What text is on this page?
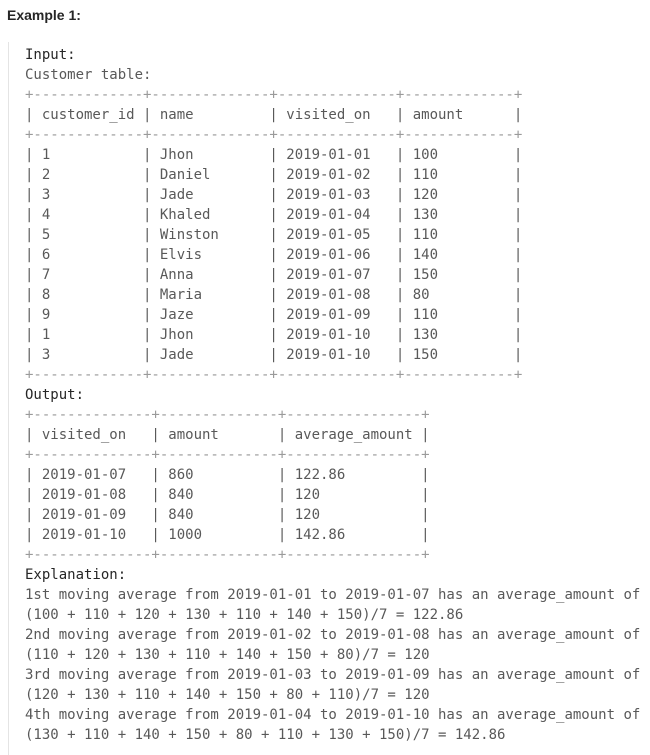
Example 1:
Input:
Customer table:
+-------------+--------------+--------------+-------------+
| customer_id | name         | visited_on   | amount      |
+-------------+--------------+--------------+-------------+
| 1           | Jhon         | 2019-01-01   | 100         |
| 2           | Daniel       | 2019-01-02   | 110         |
| 3           | Jade         | 2019-01-03   | 120         |
| 4           | Khaled       | 2019-01-04   | 130         |
| 5           | Winston      | 2019-01-05   | 110         |
| 6           | Elvis        | 2019-01-06   | 140         |
| 7           | Anna         | 2019-01-07   | 150         |
| 8           | Maria        | 2019-01-08   | 80          |
| 9           | Jaze         | 2019-01-09   | 110         |
| 1           | Jhon         | 2019-01-10   | 130         |
| 3           | Jade         | 2019-01-10   | 150         |
+-------------+--------------+--------------+-------------+
Output:
+--------------+--------------+----------------+
| visited_on   | amount       | average_amount |
+--------------+--------------+----------------+
| 2019-01-07   | 860          | 122.86         |
| 2019-01-08   | 840          | 120            |
| 2019-01-09   | 840          | 120            |
| 2019-01-10   | 1000         | 142.86         |
+--------------+--------------+----------------+
Explanation:
1st moving average from 2019-01-01 to 2019-01-07 has an average_amount of
(100 + 110 + 120 + 130 + 110 + 140 + 150)/7 = 122.86
2nd moving average from 2019-01-02 to 2019-01-08 has an average_amount of
(110 + 120 + 130 + 110 + 140 + 150 + 80)/7 = 120
3rd moving average from 2019-01-03 to 2019-01-09 has an average_amount of
(120 + 130 + 110 + 140 + 150 + 80 + 110)/7 = 120
4th moving average from 2019-01-04 to 2019-01-10 has an average_amount of
(130 + 110 + 140 + 150 + 80 + 110 + 130 + 150)/7 = 142.86
